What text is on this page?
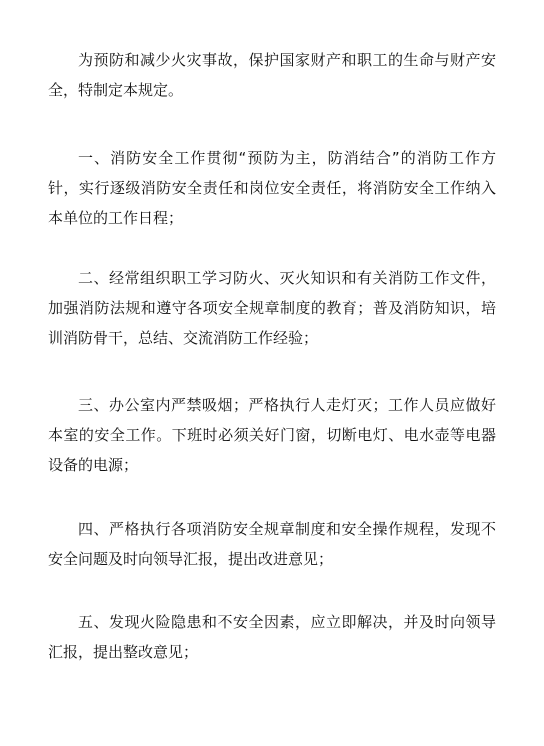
为预防和减少火灾事故，保护国家财产和职工的生命与财产安全，特制定本规定。

一、消防安全工作贯彻“预防为主，防消结合”的消防工作方针，实行逐级消防安全责任和岗位安全责任，将消防安全工作纳入本单位的工作日程；

二、经常组织职工学习防火、灭火知识和有关消防工作文件，加强消防法规和遵守各项安全规章制度的教育；普及消防知识，培训消防骨干，总结、交流消防工作经验；

三、办公室内严禁吸烟；严格执行人走灯灭；工作人员应做好本室的安全工作。下班时必须关好门窗，切断电灯、电水壶等电器设备的电源；

四、严格执行各项消防安全规章制度和安全操作规程，发现不安全问题及时向领导汇报，提出改进意见；

五、发现火险隐患和不安全因素，应立即解决，并及时向领导汇报，提出整改意见；
